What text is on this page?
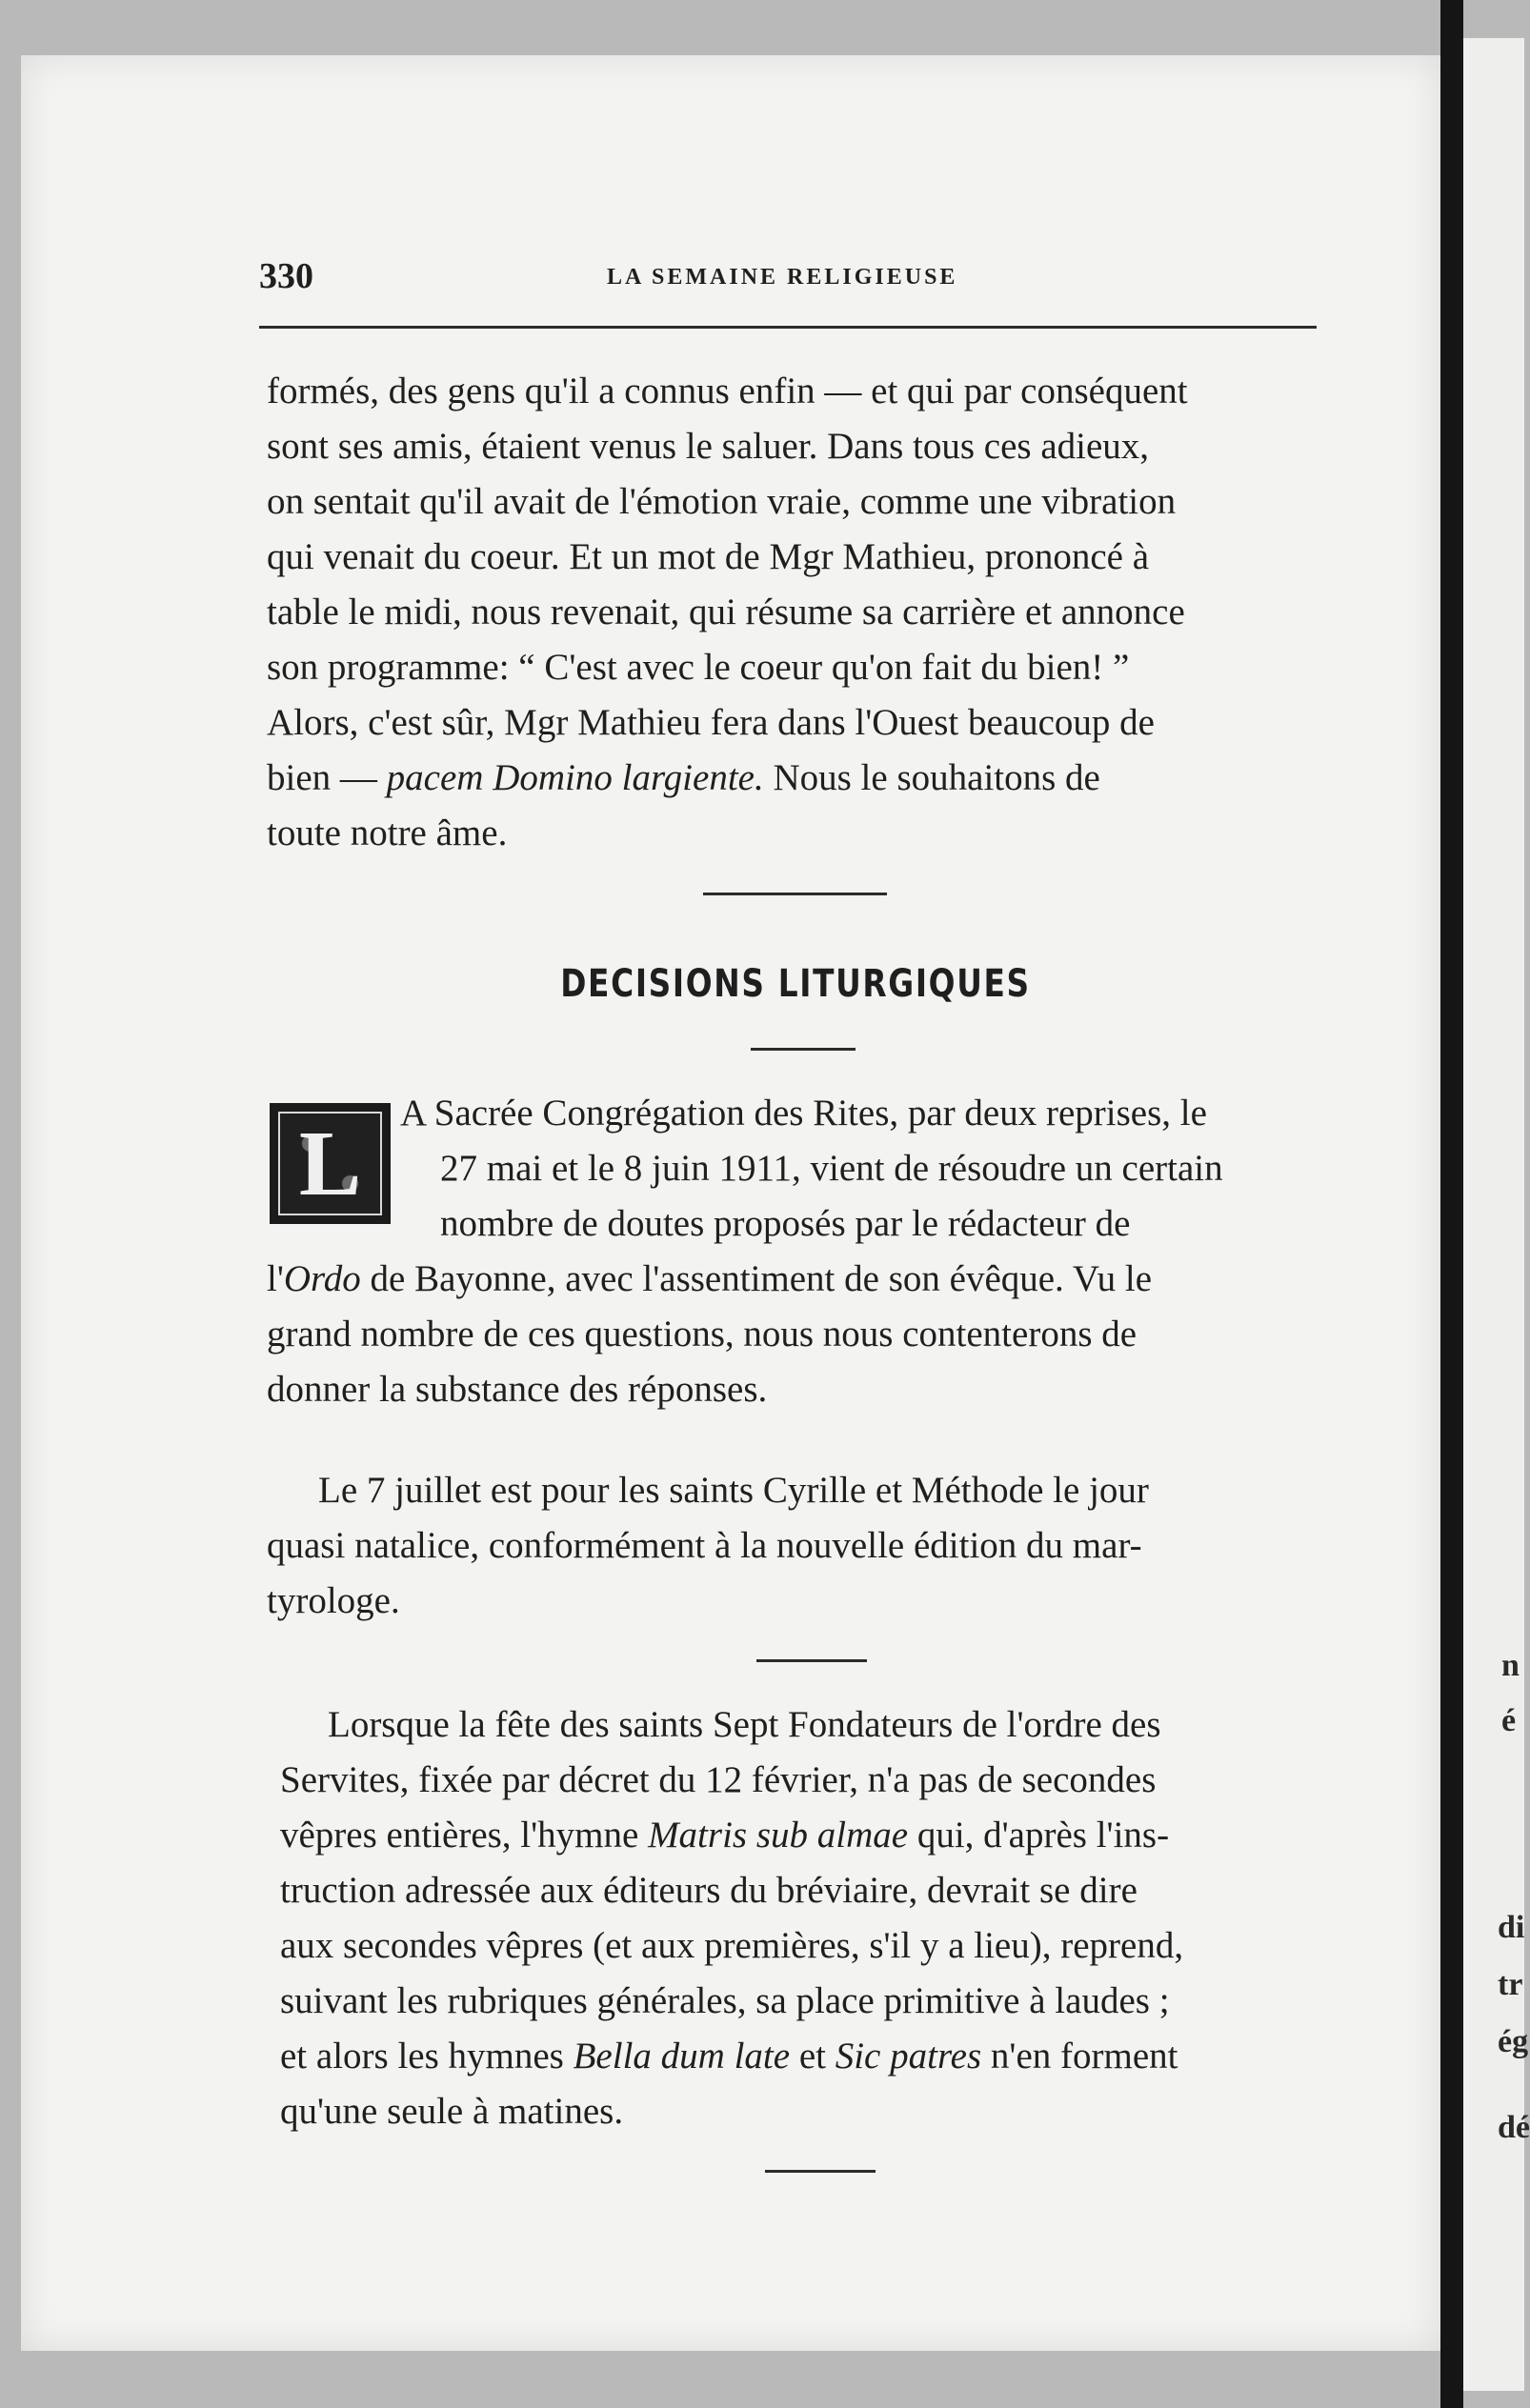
n
é
di
tr
ég
dé
330	LA SEMAINE RELIGIEUSE

formés, des gens qu'il a connus enfin — et qui par conséquent

sont ses amis, étaient venus le saluer. Dans tous ces adieux,

on sentait qu'il avait de l'émotion vraie, comme une vibration

qui venait du coeur. Et un mot de Mgr Mathieu, prononcé à

table le midi, nous revenait, qui résume sa carrière et annonce

son programme: “ C'est avec le coeur qu'on fait du bien! ”

Alors, c'est sûr, Mgr Mathieu fera dans l'Ouest beaucoup de

bien — pacem Domino largiente. Nous le souhaitons de

toute notre âme.

DECISIONS LITURGIQUES
L	A Sacrée Congrégation des Rites, par deux reprises, le

27 mai et le 8 juin 1911, vient de résoudre un certain

nombre de doutes proposés par le rédacteur de

l'Ordo de Bayonne, avec l'assentiment de son évêque. Vu le

grand nombre de ces questions, nous nous contenterons de

donner la substance des réponses.

Le 7 juillet est pour les saints Cyrille et Méthode le jour

quasi natalice, conformément à la nouvelle édition du mar-

tyrologe.

Lorsque la fête des saints Sept Fondateurs de l'ordre des

Servites, fixée par décret du 12 février, n'a pas de secondes

vêpres entières, l'hymne Matris sub almae qui, d'après l'ins-

truction adressée aux éditeurs du bréviaire, devrait se dire

aux secondes vêpres (et aux premières, s'il y a lieu), reprend,

suivant les rubriques générales, sa place primitive à laudes ;

et alors les hymnes Bella dum late et Sic patres n'en forment

qu'une seule à matines.
